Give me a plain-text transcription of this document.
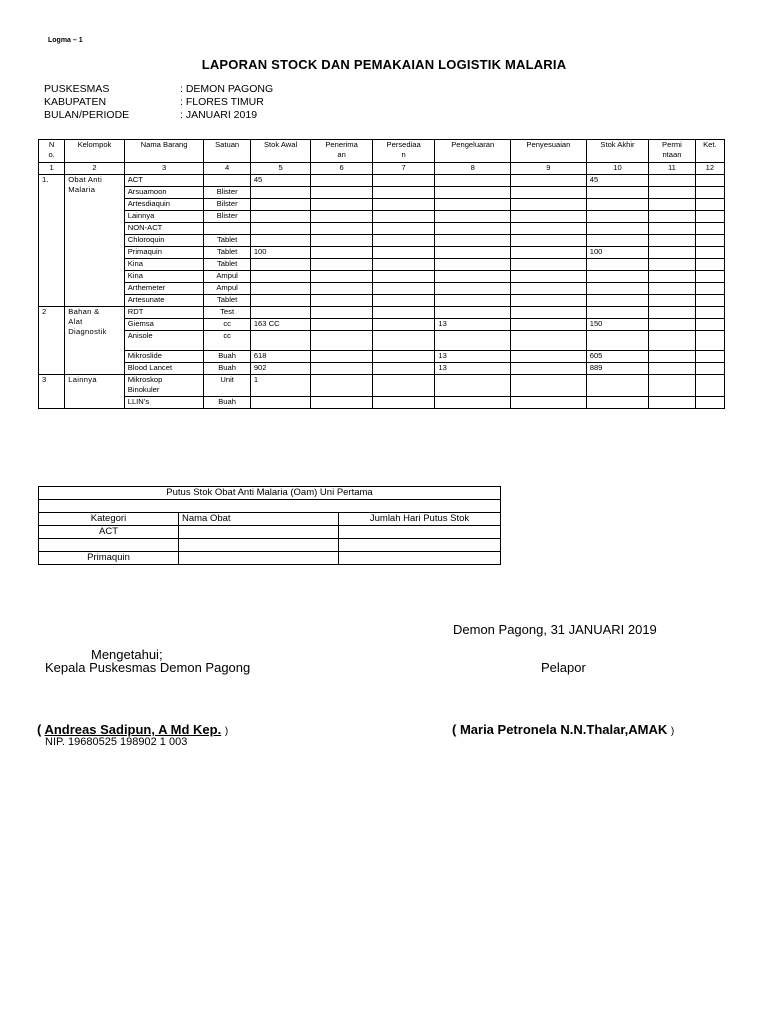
Logma – 1
LAPORAN STOCK DAN PEMAKAIAN LOGISTIK MALARIA
PUSKESMAS	: DEMON PAGONG
KABUPATEN	: FLORES TIMUR
BULAN/PERIODE	: JANUARI 2019
N
o.	Kelompok	Nama Barang	Satuan	Stok Awal	Penerima
an	Persediaa
n	Pengeluaran	Penyesuaian	Stok Akhir	Permi
ntaan	Ket.
1	2	3	4	5	6	7	8	9	10	11	12
1.	Obat Anti
Malaria	ACT		45					45		
		Arsuamoon	Blister								
		Artesdiaquin	Bilster								
		Lainnya	Blister								
		NON-ACT									
		Chloroquin	Tablet								
		Primaquin	Tablet	100					100		
		Kina	Tablet								
		Kina	Ampul								
		Arthemeter	Ampul								
		Artesunate	Tablet								
2	Bahan &
Alat
Diagnostik	RDT	Test								
		Giemsa	cc	163 CC			13		150		
		Anisole	cc								
		Mikroslide	Buah	618			13		605		
		Blood Lancet	Buah	902			13		889		
3	Lainnya	Mikroskop
Binokuler	Unit	1							
		LLIN’s	Buah								
Putus Stok Obat Anti Malaria (Oam) Uni Pertama		

Kategori	Nama Obat	Jumlah Hari Putus Stok
ACT		

Primaquin		
Demon Pagong, 31 JANUARI 2019
Mengetahui;
Kepala Puskesmas Demon Pagong	Pelapor
( Andreas Sadipun, A Md Kep. )
NIP. 19680525 198902 1 003
( Maria Petronela N.N.Thalar,AMAK )
